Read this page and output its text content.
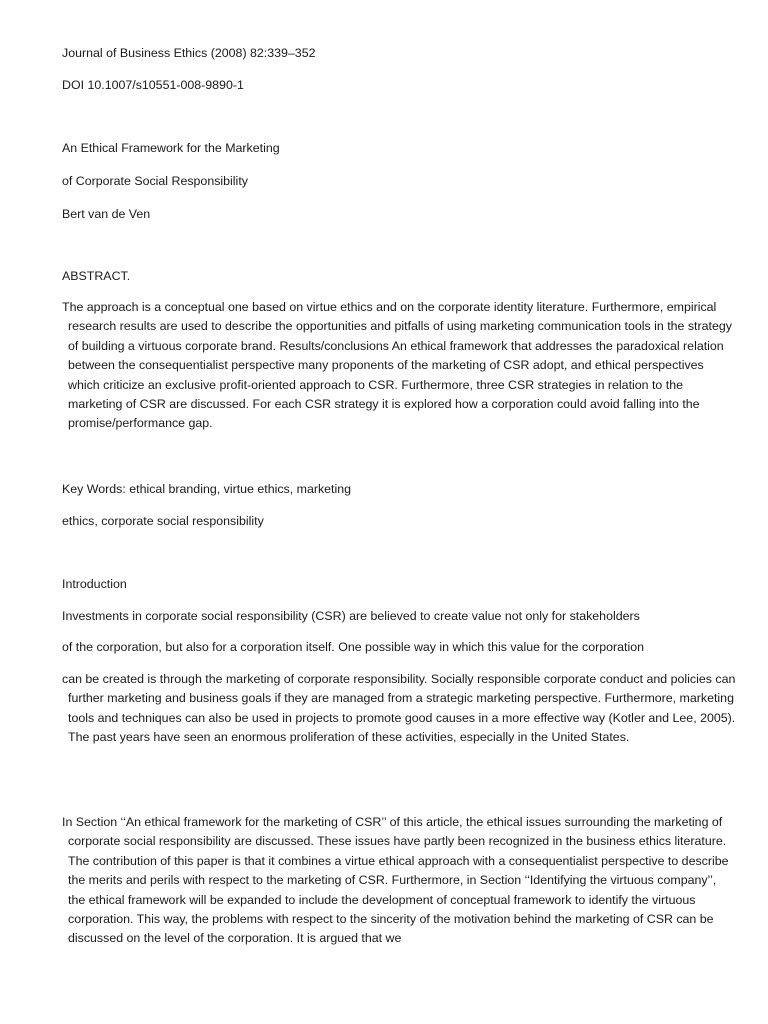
Journal of Business Ethics (2008) 82:339–352
DOI 10.1007/s10551-008-9890-1
An Ethical Framework for the Marketing
of Corporate Social Responsibility
Bert van de Ven
ABSTRACT.

The approach is a conceptual one based on virtue ethics and on the corporate identity literature. Furthermore, empirical research results are used to describe the opportunities and pitfalls of using marketing communication tools in the strategy of building a virtuous corporate brand. Results/conclusions An ethical framework that addresses the paradoxical relation between the consequentialist perspective many proponents of the marketing of CSR adopt, and ethical perspectives which criticize an exclusive profit-oriented approach to CSR. Furthermore, three CSR strategies in relation to the marketing of CSR are discussed. For each CSR strategy it is explored how a corporation could avoid falling into the promise/performance gap.

Key Words: ethical branding, virtue ethics, marketing
ethics, corporate social responsibility
Introduction
Investments in corporate social responsibility (CSR) are believed to create value not only for stakeholders
of the corporation, but also for a corporation itself. One possible way in which this value for the corporation

can be created is through the marketing of corporate responsibility. Socially responsible corporate conduct and policies can further marketing and business goals if they are managed from a strategic marketing perspective. Furthermore, marketing tools and techniques can also be used in projects to promote good causes in a more effective way (Kotler and Lee, 2005). The past years have seen an enormous proliferation of these activities, especially in the United States.

In Section ‘‘An ethical framework for the marketing of CSR’’ of this article, the ethical issues surrounding the marketing of corporate social responsibility are discussed. These issues have partly been recognized in the business ethics literature. The contribution of this paper is that it combines a virtue ethical approach with a consequentialist perspective to describe the merits and perils with respect to the marketing of CSR. Furthermore, in Section ‘‘Identifying the virtuous company’’, the ethical framework will be expanded to include the development of conceptual framework to identify the virtuous corporation. This way, the problems with respect to the sincerity of the motivation behind the marketing of CSR can be discussed on the level of the corporation. It is argued that we
